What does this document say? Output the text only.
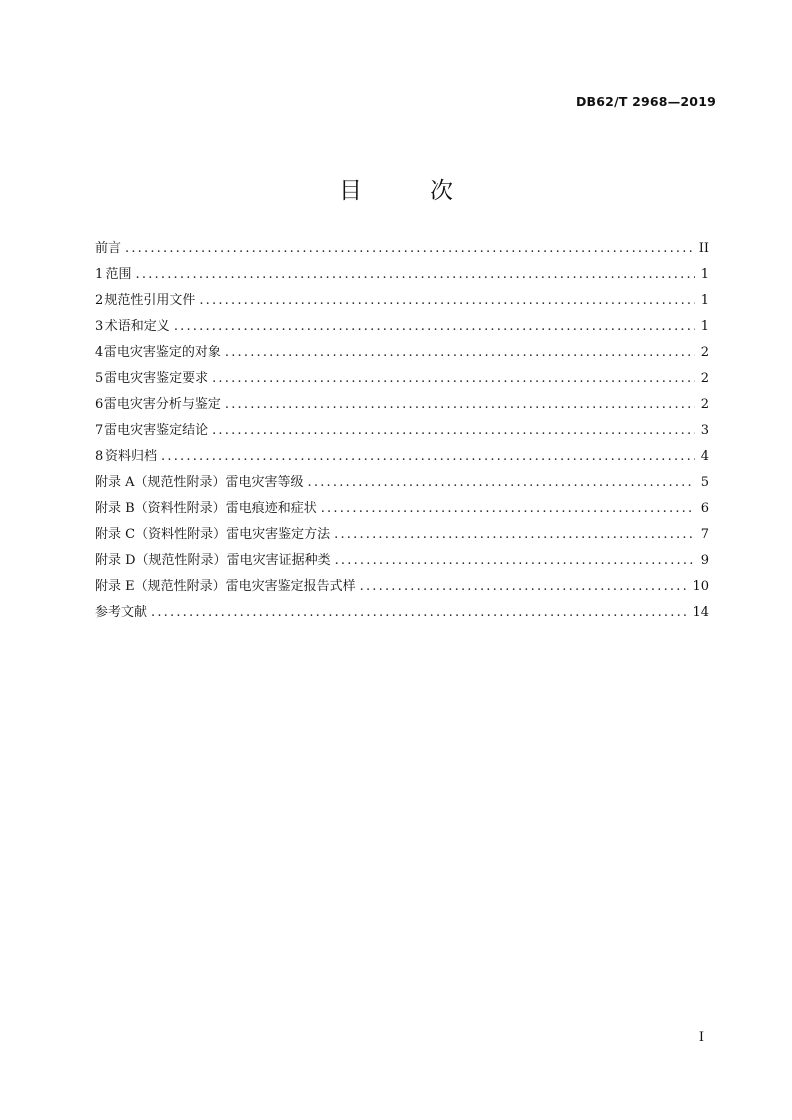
DB62/T 2968—2019
目	次
前言 .....	II
1 范围 .....	1
2 规范性引用文件 .....	1
3 术语和定义 .....	1
4 雷电灾害鉴定的对象 .....	2
5 雷电灾害鉴定要求 .....	2
6 雷电灾害分析与鉴定 .....	2
7 雷电灾害鉴定结论 .....	3
8 资料归档 .....	4
附录 A（规范性附录） 雷电灾害等级 .....	5
附录 B（资料性附录） 雷电痕迹和症状 .....	6
附录 C（资料性附录） 雷电灾害鉴定方法 .....	7
附录 D（规范性附录） 雷电灾害证据种类 .....	9
附录 E（规范性附录） 雷电灾害鉴定报告式样 .....	10
参考文献 .....	14
I
